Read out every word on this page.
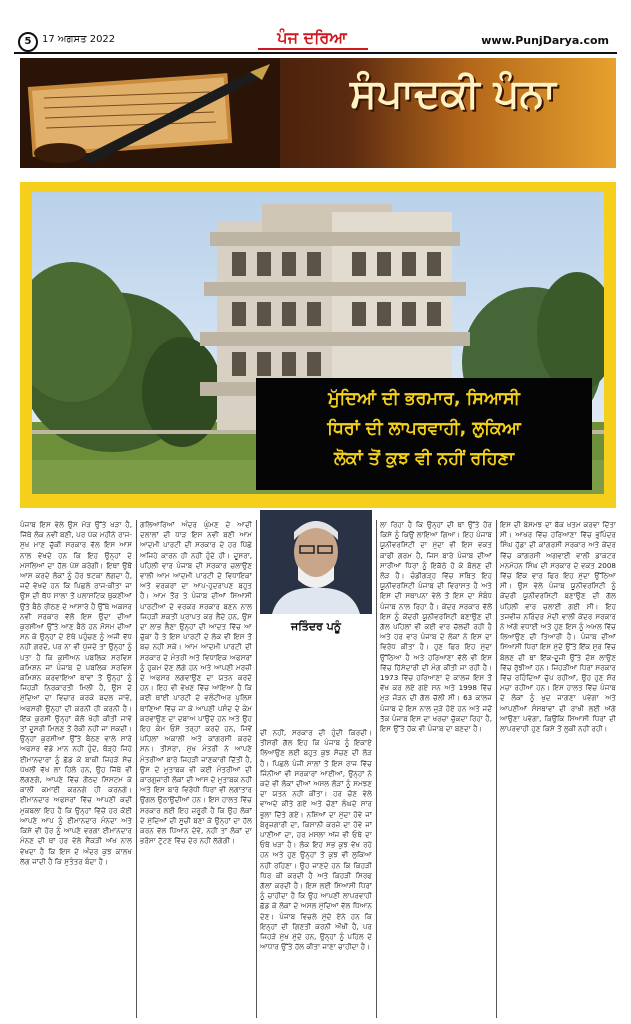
5	17 ਅਗਸਤ 2022	ਪੰਜ ਦਰਿਆ	www.PunjDarya.com
ਸੰਪਾਦਕੀ ਪੰਨਾ
ਮੁੱਦਿਆਂ ਦੀ ਭਰਮਾਰ, ਸਿਆਸੀ
ਧਿਰਾਂ ਦੀ ਲਾਪਰਵਾਹੀ, ਲੁਕਿਆ
ਲੋਕਾਂ ਤੋਂ ਕੁਝ ਵੀ ਨਹੀਂ ਰਹਿਣਾ
ਪੰਜਾਬ ਇਸ ਵੇਲੇ ਉਸ ਮੋੜ ਉੱਤੇ ਖੜਾ ਹੈ, ਜਿੱਥੇ ਲੋਕ ਨਵੀਂ ਬਣੀ, ਪਰ ਪੱਕ ਮਹੀਨੇ ਰਾਜ-ਸੁਖ ਮਾਣ ਚੁੱਕੀ ਸਰਕਾਰ ਵੱਲ ਇਸ ਆਸ ਨਾਲ ਵੇਖਦੇ ਹਨ ਕਿ ਇਹ ਉਨ੍ਹਾਂ ਦੇ ਮਸਲਿਆਂ ਦਾ ਹੱਲ ਪੇਸ਼ ਕਰੇਗੀ। ਇਥਾਂ ਉਥੋਂ ਆਸ ਕਰਦੇ ਲੋਕਾਂ ਨੂੰ ਹੋਰ ਝਟਕਾ ਲੱਗਦਾ ਹੈ, ਜਦੋਂ ਵੇਖਦੇ ਹਨ ਕਿ ਪਿਛਲੇ ਰਾਜ-ਕੀਤਾ ਜਾ ਉਸ ਦੀ ਥੱਧ ਸਾਲਾ ਤੋਂ ਪਲਾਸਟਿਕ ਥੁਕਣੀਆਂ ਉਂਤੇ ਬੈਠੇ ਰੀਠਣ ਦੇ ਆਸਾਰੇ ਹੈ ਉੱਥੇ ਅਕਸਰ ਨਵੀਂ ਸਰਕਾਰ ਵੱਲੋਂ ਇਸ ਉਦਾ ਦੀਆਂ ਕੁਰਸੀਆਂ ਉੱਤੇ ਆਣ ਬੈਠੇ ਹਨ ਮੌਸਮ ਦੀਆਂ ਸਨ ਕੇ ਉਨ੍ਹਾਂ ਦੇ ਏਥੇ ਪਹੁੰਚਣ ਨੂੰ ਅਜੀ ਵੱਧ ਨਹੀਂ ਗਰਦੇ, ਪਰ ਨਾ ਵੀ ਪੁੱਜਦੇ ਤਾਂ ਉਨ੍ਹਾਂ ਨੂੰ ਪਤਾ ਹੈ ਕਿ ਕੁਸੀਅਨ ਪਬਲਿਕ ਸਰਵਿਸ ਕਮਿਸ਼ਨ ਜਾਂ ਪੰਜਾਬ ਦੇ ਪਬਲਿਕ ਸਰਵਿਸ ਕਮਿਸ਼ਨ ਕਰਵਾਇਆਂ ਥਾਵਾਂ ਤੋਂ ਉਨ੍ਹਾਂ ਨੂੰ ਜਿਹੜੀ ਨਿਰਕਾਰਤੀ ਮਿਲੀ ਹੈ, ਉਸ ਦੇ ਮੁੱਦਿਆਂ ਦਾ ਵਿਚਾਰ ਕਰਕੇ ਬਦਲ ਜਾਵੇ, ਅਫਸਰੀ ਉਨ੍ਹਾਂ ਦੀ ਕਰਨੀ ਹੀ ਕਰਨੀ ਹੈ। ਇੱਕ ਕੁਰਸੀ ਉਨ੍ਹਾਂ ਕੋਲੋਂ ਖੋਹੀ ਕੀਤੀ ਜਾਵੇ ਤਾਂ ਦੂਸਰੀ ਮਿਲਣ ਤੋਂ ਰੋਕੀ ਨਹੀਂ ਜਾ ਸਕਦੀ। ਉਨ੍ਹਾਂ ਕੁਰਸੀਆਂ ਉੱਤੇ ਬੈਠਣ ਵਾਲੇ ਸਾਰੇ ਅਫਸਰ ਵੱਡੇ ਮਾਨ ਨਹੀਂ ਹੁੰਦੇ, ਥੋੜ੍ਹੇ ਜਿਹੇ ਈਮਾਨਦਾਰਾਂ ਨੂੰ ਛੱਡ ਕੇ ਬਾਕੀ ਜਿਹੜੇ ਸੋਚ ਪੱਖਲੀ ਵੱਖ ਲਾ ਹਿਲੇ ਹਨ, ਉਹ ਜਿੱਥੇ ਵੀ ਲੱਗਣਗੇ, ਆਪਣੇ ਵਿੱਚ ਗੋਂਠਦ ਸਿਸਟਮ ਕੇ ਕਾਲੀ ਕਮਾਈ ਕਰਨਗੇ ਹੀ ਕਰਨਗੇ। ਈਮਾਨਦਾਰ ਅਫਸਰਾਂ ਵਿੱਚ ਆਪਣੀ ਕਦੀ ਮੁਕਬਲਾ ਇਹ ਹੈ ਕਿ ਉਨ੍ਹਾਂ ਵਿੱਚੋਂ ਹਰ ਕੋਈ ਆਪਣੇ ਆਪ ਨੂੰ ਈਮਾਨਦਾਰ ਮੰਨਦਾ ਅਤੇ ਕਿਸੇ ਵੀ ਹੋਰ ਨੂੰ ਆਪਣੇ ਵਰਗਾ ਈਮਾਨਦਾਰ ਮੰਨਣ ਦੀ ਥਾਂ ਹਰ ਵੇਲੇ ਸੈਂਕੜੀ ਅੱਖ ਨਾਲ ਵੇਖਦਾ ਹੈ ਕਿ ਇਸ ਦੇ ਅੰਦਰ ਕੁਝ ਕਾਲਖ ਲੱਗ ਜਾਂਦੀ ਹੈ ਕਿ ਸੁਤੰਤਰ ਬੰਦਾ ਹੈ।
ਗਲਿਆਰਿਆਂ ਅੰਦਰ ਘੁੰਮਣ ਦੇ ਆਦੀ ਦਲਾਲਾਂ ਦੀ ਧਾੜ ਇਸ ਨਵੀਂ ਬਣੀ ਆਮ ਆਦਮੀ ਪਾਰਟੀ ਦੀ ਸਰਕਾਰ ਦੇ ਹਰ ਪਿੱਛੇ ਅਜਿਹੇ ਕਾਰਨ ਹੀ ਨਹੀਂ ਹੁੰਦੇ ਹੀ। ਦੂਸਰਾ, ਪਹਿਲੀ ਵਾਰ ਪੰਜਾਬ ਦੀ ਸਰਕਾਰ ਚਲਾਉਣ ਵਾਲੀ ਆਮ ਆਦਮੀ ਪਾਰਟੀ ਦੇ ਵਿਧਾਇਕਾਂ ਅਤੇ ਵਰਕਰਾਂ ਦਾ ਆਪ-ਹੁਦਰਾਪਣ ਬਹੁਤ ਹੈ। ਆਮ ਤੌਰ ਤੇ ਪੰਜਾਬ ਦੀਆਂ ਸਿਆਸੀ ਪਾਰਟੀਆਂ ਦੇ ਵਰਕਰ ਸਰਕਾਰ ਬਣਨ ਨਾਲ ਜਿਹੜੀ ਸ਼ਕਤੀ ਪ੍ਰਾਪਤ ਕਰ ਲੈਂਦੇ ਹਨ, ਉਸ ਦਾ ਲਾਭ ਲੈਣਾ ਉਨ੍ਹਾਂ ਦੀ ਆਦਤ ਵਿੱਚ ਆ ਚੁੱਕਾ ਹੈ ਤੇ ਇਸ ਪਾਰਟੀ ਦੇ ਲੋਕ ਵੀ ਇਸ ਤੋਂ ਬਚ ਨਹੀਂ ਸਕੇ। ਆਮ ਆਦਮੀ ਪਾਰਟੀ ਦੀ ਸਰਕਾਰ ਦੇ ਮੰਤਰੀ ਅਤੇ ਵਿਧਾਇਕ ਅਫਸਰਾਂ ਨੂੰ ਹੁਕਮ ਦੇਣ ਲੱਗੇ ਹਨ ਅਤੇ ਆਪਣੀ ਮਰਜ਼ੀ ਦੇ ਅਫਸਰ ਲਗਵਾਉਣ ਦਾ ਯਤਨ ਕਰਦੇ ਹਨ। ਇਹ ਵੀ ਵੇਖਣ ਵਿੱਚ ਆਇਆ ਹੈ ਕਿ ਕਈ ਥਾਂਈਂ ਪਾਰਟੀ ਦੇ ਵਲੰਟੀਅਰ ਪੁਲਿਸ ਥਾਣਿਆਂ ਵਿੱਚ ਜਾ ਕੇ ਆਪਣੀ ਪਸੰਦ ਦੇ ਕੰਮ ਕਰਵਾਉਣ ਦਾ ਦਬਾਅ ਪਾਉਂਦੇ ਹਨ ਅਤੇ ਉਹ ਇਹ ਕੰਮ ਓਸੇ ਤਰ੍ਹਾਂ ਕਰਦੇ ਹਨ, ਜਿਵੇਂ ਪਹਿਲਾਂ ਅਕਾਲੀ ਅਤੇ ਕਾਂਗਰਸੀ ਕਰਦੇ ਸਨ। ਤੀਸਰਾ, ਮੁੱਖ ਮੰਤਰੀ ਨੇ ਆਪਣੇ ਮੰਤਰੀਆਂ ਬਾਰੇ ਜਿਹੜੀ ਜਾਣਕਾਰੀ ਦਿੱਤੀ ਹੈ, ਉਸ ਦੇ ਮੁਤਾਬਕ ਵੀ ਕਈ ਮੰਤਰੀਆਂ ਦੀ ਕਾਰਗੁਜ਼ਾਰੀ ਲੋਕਾਂ ਦੀ ਆਸ ਦੇ ਮੁਤਾਬਕ ਨਹੀਂ ਅਤੇ ਇਸ ਬਾਰੇ ਵਿਰੋਧੀ ਧਿਰਾਂ ਵੀ ਲਗਾਤਾਰ ਉਂਗਲ ਉਠਾਉਂਦੀਆਂ ਹਨ। ਇਸ ਹਾਲਤ ਵਿੱਚ ਸਰਕਾਰ ਲਈ ਇਹ ਜ਼ਰੂਰੀ ਹੈ ਕਿ ਉਹ ਲੋਕਾਂ ਦੇ ਮੁੱਦਿਆਂ ਦੀ ਸੂਚੀ ਬਣਾ ਕੇ ਉਨ੍ਹਾਂ ਦਾ ਹੱਲ ਕਰਨ ਵੱਲ ਧਿਆਨ ਦੇਵੇ, ਨਹੀਂ ਤਾਂ ਲੋਕਾਂ ਦਾ ਭਰੋਸਾ ਟੁੱਟਣ ਵਿੱਚ ਦੇਰ ਨਹੀਂ ਲੱਗੇਗੀ।
ਦੀ ਨਹੀਂ, ਸਰਕਾਰ ਦੀ ਹੁੰਦੀ ਕਿਰਦੀ। ਤੀਸਰੀ ਗੱਲ ਇਹ ਕਿ ਪੰਜਾਬ ਨੂੰ ਇਕਾਏ ਲਿਆਉਣ ਲਈ ਬਹੁਤ ਕੁਝ ਸੋਚਣ ਦੀ ਲੋੜ ਹੈ। ਪਿਛਲੇ ਪੰਜੀ ਸਾਲਾਂ ਤੋਂ ਇਸ ਰਾਜ ਵਿੱਚ ਜਿੰਨੀਆਂ ਵੀ ਸਰਕਾਰਾਂ ਆਈਆਂ, ਉਨ੍ਹਾਂ ਨੇ ਕਦੇ ਵੀ ਲੋਕਾਂ ਦੀਆਂ ਅਸਲ ਲੋੜਾਂ ਨੂੰ ਸਮਝਣ ਦਾ ਯਤਨ ਨਹੀਂ ਕੀਤਾ। ਹਰ ਚੋਣ ਵੇਲੇ ਵਾਅਦੇ ਕੀਤੇ ਗਏ ਅਤੇ ਚੋਣਾਂ ਲੰਘਦੇ ਸਾਰ ਭੁਲਾ ਦਿੱਤੇ ਗਏ। ਨਸ਼ਿਆਂ ਦਾ ਮੁੱਦਾ ਹੋਵੇ ਜਾਂ ਬੇਰੁਜ਼ਗਾਰੀ ਦਾ, ਕਿਸਾਨੀ ਕਰਜ਼ੇ ਦਾ ਹੋਵੇ ਜਾਂ ਪਾਣੀਆਂ ਦਾ, ਹਰ ਮਸਲਾ ਅੱਜ ਵੀ ਓਥੇ ਦਾ ਓਥੇ ਖੜਾ ਹੈ। ਲੋਕ ਇਹ ਸਭ ਕੁਝ ਵੇਖ ਰਹੇ ਹਨ ਅਤੇ ਹੁਣ ਉਨ੍ਹਾਂ ਤੋਂ ਕੁਝ ਵੀ ਲੁਕਿਆ ਨਹੀਂ ਰਹਿਣਾ। ਉਹ ਜਾਣਦੇ ਹਨ ਕਿ ਕਿਹੜੀ ਧਿਰ ਕੀ ਕਰਦੀ ਹੈ ਅਤੇ ਕਿਹੜੀ ਸਿਰਫ ਗੱਲਾਂ ਕਰਦੀ ਹੈ। ਇਸ ਲਈ ਸਿਆਸੀ ਧਿਰਾਂ ਨੂੰ ਚਾਹੀਦਾ ਹੈ ਕਿ ਉਹ ਆਪਣੀ ਲਾਪਰਵਾਹੀ ਛੱਡ ਕੇ ਲੋਕਾਂ ਦੇ ਅਸਲ ਮੁੱਦਿਆਂ ਵੱਲ ਧਿਆਨ ਦੇਣ। ਪੰਜਾਬ ਵਿਚਲੇ ਮੁੱਦੇ ਏਨੇ ਹਨ ਕਿ ਇਨ੍ਹਾਂ ਦੀ ਗਿਣਤੀ ਕਰਨੀ ਔਖੀ ਹੈ, ਪਰ ਜਿਹੜੇ ਮੁੱਖ ਮੁੱਦੇ ਹਨ, ਉਨ੍ਹਾਂ ਨੂੰ ਪਹਿਲ ਦੇ ਆਧਾਰ ਉੱਤੇ ਹੱਲ ਕੀਤਾ ਜਾਣਾ ਚਾਹੀਦਾ ਹੈ।
ਲਾ ਰਿਹਾ ਹੈ ਕਿ ਉਨ੍ਹਾਂ ਦੀ ਥਾਂ ਉੱਤੇ ਹੋਰ ਕਿਸੇ ਨੂੰ ਕਿਉਂ ਲਾਇਆ ਗਿਆ। ਇਹ ਪੰਜਾਬ ਯੂਨੀਵਰਸਿਟੀ ਦਾ ਮੁੱਦਾ ਵੀ ਇਸ ਵਕਤ ਕਾਫੀ ਗਰਮ ਹੈ, ਜਿਸ ਬਾਰੇ ਪੰਜਾਬ ਦੀਆਂ ਸਾਰੀਆਂ ਧਿਰਾਂ ਨੂੰ ਇਕੱਠੇ ਹੋ ਕੇ ਬੋਲਣ ਦੀ ਲੋੜ ਹੈ। ਚੰਡੀਗੜ੍ਹ ਵਿੱਚ ਸਥਿਤ ਇਹ ਯੂਨੀਵਰਸਿਟੀ ਪੰਜਾਬ ਦੀ ਵਿਰਾਸਤ ਹੈ ਅਤੇ ਇਸ ਦੀ ਸਥਾਪਨਾ ਵੇਲੇ ਤੋਂ ਇਸ ਦਾ ਸੰਬੰਧ ਪੰਜਾਬ ਨਾਲ ਰਿਹਾ ਹੈ। ਕੇਂਦਰ ਸਰਕਾਰ ਵੱਲੋਂ ਇਸ ਨੂੰ ਕੇਂਦਰੀ ਯੂਨੀਵਰਸਿਟੀ ਬਣਾਉਣ ਦੀ ਗੱਲ ਪਹਿਲਾਂ ਵੀ ਕਈ ਵਾਰ ਚੱਲਦੀ ਰਹੀ ਹੈ ਅਤੇ ਹਰ ਵਾਰ ਪੰਜਾਬ ਦੇ ਲੋਕਾਂ ਨੇ ਇਸ ਦਾ ਵਿਰੋਧ ਕੀਤਾ ਹੈ। ਹੁਣ ਫਿਰ ਇਹ ਮੁੱਦਾ ਉੱਠਿਆ ਹੈ ਅਤੇ ਹਰਿਆਣਾ ਵੱਲੋਂ ਵੀ ਇਸ ਵਿੱਚ ਹਿੱਸੇਦਾਰੀ ਦੀ ਮੰਗ ਕੀਤੀ ਜਾ ਰਹੀ ਹੈ। 1973 ਵਿੱਚ ਹਰਿਆਣਾ ਦੇ ਕਾਲਜ ਇਸ ਤੋਂ ਵੱਖ ਕਰ ਲਏ ਗਏ ਸਨ ਅਤੇ 1998 ਵਿੱਚ ਮੁੜ ਜੋੜਨ ਦੀ ਗੱਲ ਚੱਲੀ ਸੀ। 63 ਕਾਲਜ ਪੰਜਾਬ ਦੇ ਇਸ ਨਾਲ ਜੁੜੇ ਹੋਏ ਹਨ ਅਤੇ ਜਦੋਂ ਤੱਕ ਪੰਜਾਬ ਇਸ ਦਾ ਖਰਚਾ ਚੁੱਕਦਾ ਰਿਹਾ ਹੈ, ਇਸ ਉੱਤੇ ਹੱਕ ਵੀ ਪੰਜਾਬ ਦਾ ਬਣਦਾ ਹੈ।
ਇਸ ਦੀ ਬੇਸਮਝ ਦਾ ਬੱਕ ਖਤਮ ਕਰਵਾ ਦਿੱਤਾ ਸੀ। ਆਖਰ ਵਿੱਚ ਹਰਿਆਣਾ ਵਿੱਚ ਭੁਪਿੰਦਰ ਸਿੰਘ ਹੁੱਡਾ ਦੀ ਕਾਂਗਰਸੀ ਸਰਕਾਰ ਅਤੇ ਕੇਂਦਰ ਵਿੱਚ ਕਾਂਗਰਸੀ ਅਗਵਾਈ ਵਾਲੀ ਡਾਕਟਰ ਮਨਮੋਹਨ ਸਿੰਘ ਦੀ ਸਰਕਾਰ ਦੇ ਵਕਤ 2008 ਵਿੱਚ ਇੱਕ ਵਾਰ ਫਿਰ ਇਹ ਮੁੱਦਾ ਉੱਠਿਆ ਸੀ। ਉਸ ਵੇਲੇ ਪੰਜਾਬ ਯੂਨੀਵਰਸਿਟੀ ਨੂੰ ਕੇਂਦਰੀ ਯੂਨੀਵਰਸਿਟੀ ਬਣਾਉਣ ਦੀ ਗੱਲ ਪਹਿਲੀ ਵਾਰ ਚਲਾਈ ਗਈ ਸੀ। ਇਹ ਤਜਵੀਜ਼ ਨਰਿੰਦਰ ਮੋਦੀ ਵਾਲੀ ਕੇਂਦਰ ਸਰਕਾਰ ਨੇ ਅੱਗੇ ਵਧਾਈ ਅਤੇ ਹੁਣ ਇਸ ਨੂੰ ਅਮਲ ਵਿੱਚ ਲਿਆਉਣ ਦੀ ਤਿਆਰੀ ਹੈ। ਪੰਜਾਬ ਦੀਆਂ ਸਿਆਸੀ ਧਿਰਾਂ ਇਸ ਮੁੱਦੇ ਉੱਤੇ ਇੱਕ ਸੁਰ ਵਿੱਚ ਬੋਲਣ ਦੀ ਥਾਂ ਇੱਕ-ਦੂਜੀ ਉੱਤੇ ਦੋਸ਼ ਲਾਉਣ ਵਿੱਚ ਰੁੱਝੀਆਂ ਹਨ। ਜਿਹੜੀਆਂ ਧਿਰਾਂ ਸਰਕਾਰ ਵਿੱਚ ਰਹਿੰਦਿਆਂ ਚੁੱਪ ਰਹੀਆਂ, ਉਹ ਹੁਣ ਸ਼ੋਰ ਮਚਾ ਰਹੀਆਂ ਹਨ। ਇਸ ਹਾਲਤ ਵਿੱਚ ਪੰਜਾਬ ਦੇ ਲੋਕਾਂ ਨੂੰ ਖੁਦ ਜਾਗਣਾ ਪਵੇਗਾ ਅਤੇ ਆਪਣੀਆਂ ਸੰਸਥਾਵਾਂ ਦੀ ਰਾਖੀ ਲਈ ਅੱਗੇ ਆਉਣਾ ਪਵੇਗਾ, ਕਿਉਂਕਿ ਸਿਆਸੀ ਧਿਰਾਂ ਦੀ ਲਾਪਰਵਾਹੀ ਹੁਣ ਕਿਸੇ ਤੋਂ ਲੁਕੀ ਨਹੀਂ ਰਹੀ।
ਜਤਿੰਦਰ ਪਨੂੰ
